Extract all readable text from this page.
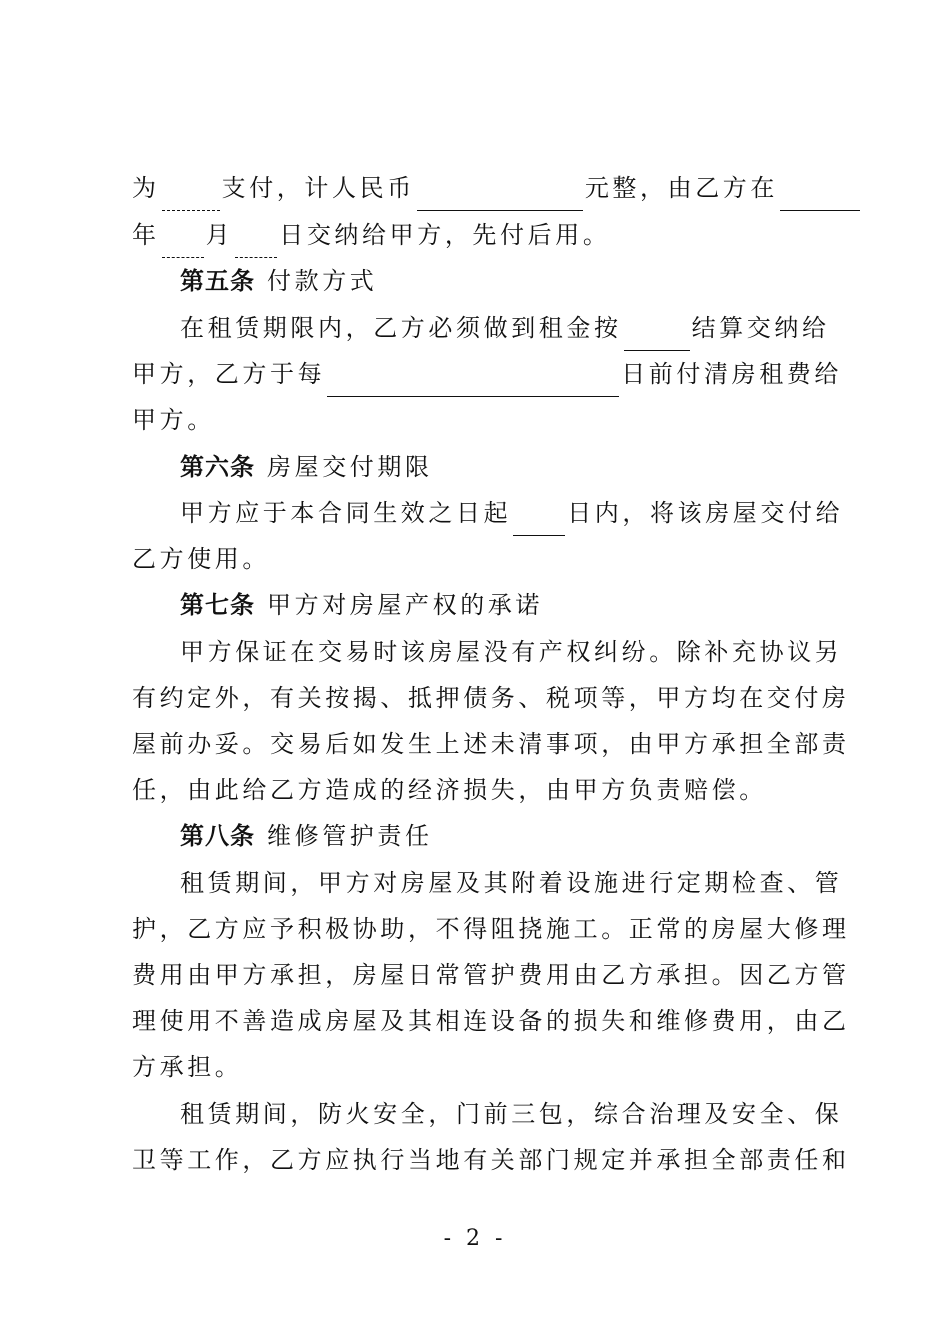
为	支付，计人民币	元整，由乙方在
年 月 日交纳给甲方，先付后用。
第五条 付款方式
在租赁期限内，乙方必须做到租金按	结算交纳给
甲方，乙方于每	日前付清房租费给
甲方。
第六条 房屋交付期限
甲方应于本合同生效之日起 日内，将该房屋交付给
乙方使用。
第七条 甲方对房屋产权的承诺
甲方保证在交易时该房屋没有产权纠纷。除补充协议另
有约定外，有关按揭、抵押债务、税项等，甲方均在交付房
屋前办妥。交易后如发生上述未清事项，由甲方承担全部责
任，由此给乙方造成的经济损失，由甲方负责赔偿。
第八条 维修管护责任
租赁期间，甲方对房屋及其附着设施进行定期检查、管
护，乙方应予积极协助，不得阻挠施工。正常的房屋大修理
费用由甲方承担，房屋日常管护费用由乙方承担。因乙方管
理使用不善造成房屋及其相连设备的损失和维修费用，由乙
方承担。
租赁期间，防火安全，门前三包，综合治理及安全、保
卫等工作，乙方应执行当地有关部门规定并承担全部责任和
- 2 -
